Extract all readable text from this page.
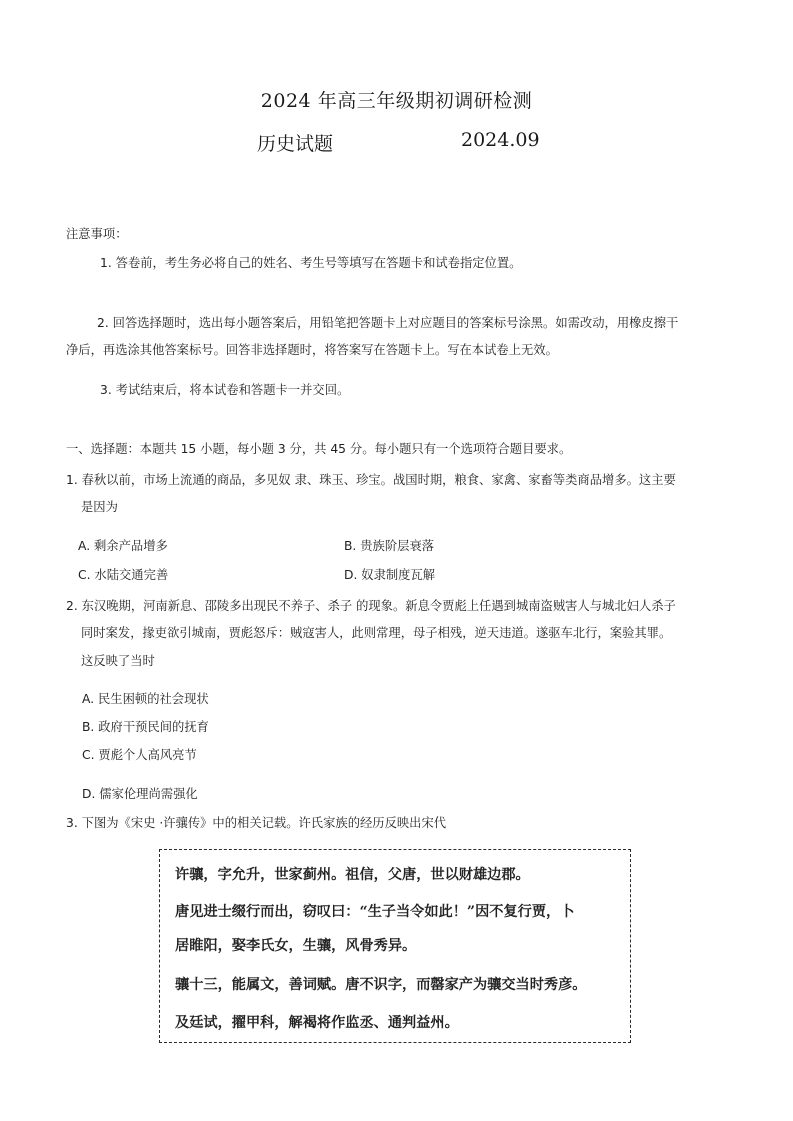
2024 年高三年级期初调研检测
历史试题	2024.09
注意事项：
1. 答卷前，考生务必将自己的姓名、考生号等填写在答题卡和试卷指定位置。
2. 回答选择题时，选出每小题答案后，用铅笔把答题卡上对应题目的答案标号涂黑。如需改动，用橡皮擦干
净后，再选涂其他答案标号。回答非选择题时，将答案写在答题卡上。写在本试卷上无效。
3. 考试结束后，将本试卷和答题卡一并交回。
一、选择题：本题共 15 小题，每小题 3 分，共 45 分。每小题只有一个选项符合题目要求。
1. 春秋以前，市场上流通的商品，多见奴 隶、珠玉、珍宝。战国时期，粮食、家禽、家畜等类商品增多。这主要
是因为
A. 剩余产品增多	B. 贵族阶层衰落
C. 水陆交通完善	D. 奴隶制度瓦解
2. 东汉晚期，河南新息、邵陵多出现民不养子、杀子 的现象。新息令贾彪上任遇到城南盗贼害人与城北妇人杀子
同时案发，掾吏欲引城南，贾彪怒斥：贼寇害人，此则常理，母子相残，逆天违道。遂驱车北行，案验其罪。
这反映了当时
A. 民生困顿的社会现状
B. 政府干预民间的抚育
C. 贾彪个人高风亮节
D. 儒家伦理尚需强化
3. 下图为《宋史 ·许骧传》中的相关记载。许氏家族的经历反映出宋代
许骧，字允升，世家蓟州。祖信，父唐，世以财雄边郡。
唐见进士缀行而出，窃叹曰：“生子当令如此！”因不复行贾，卜
居睢阳，娶李氏女，生骧，风骨秀异。
骧十三，能属文，善词赋。唐不识字，而罄家产为骧交当时秀彦。
及廷试，擢甲科，解褐将作监丞、通判益州。
